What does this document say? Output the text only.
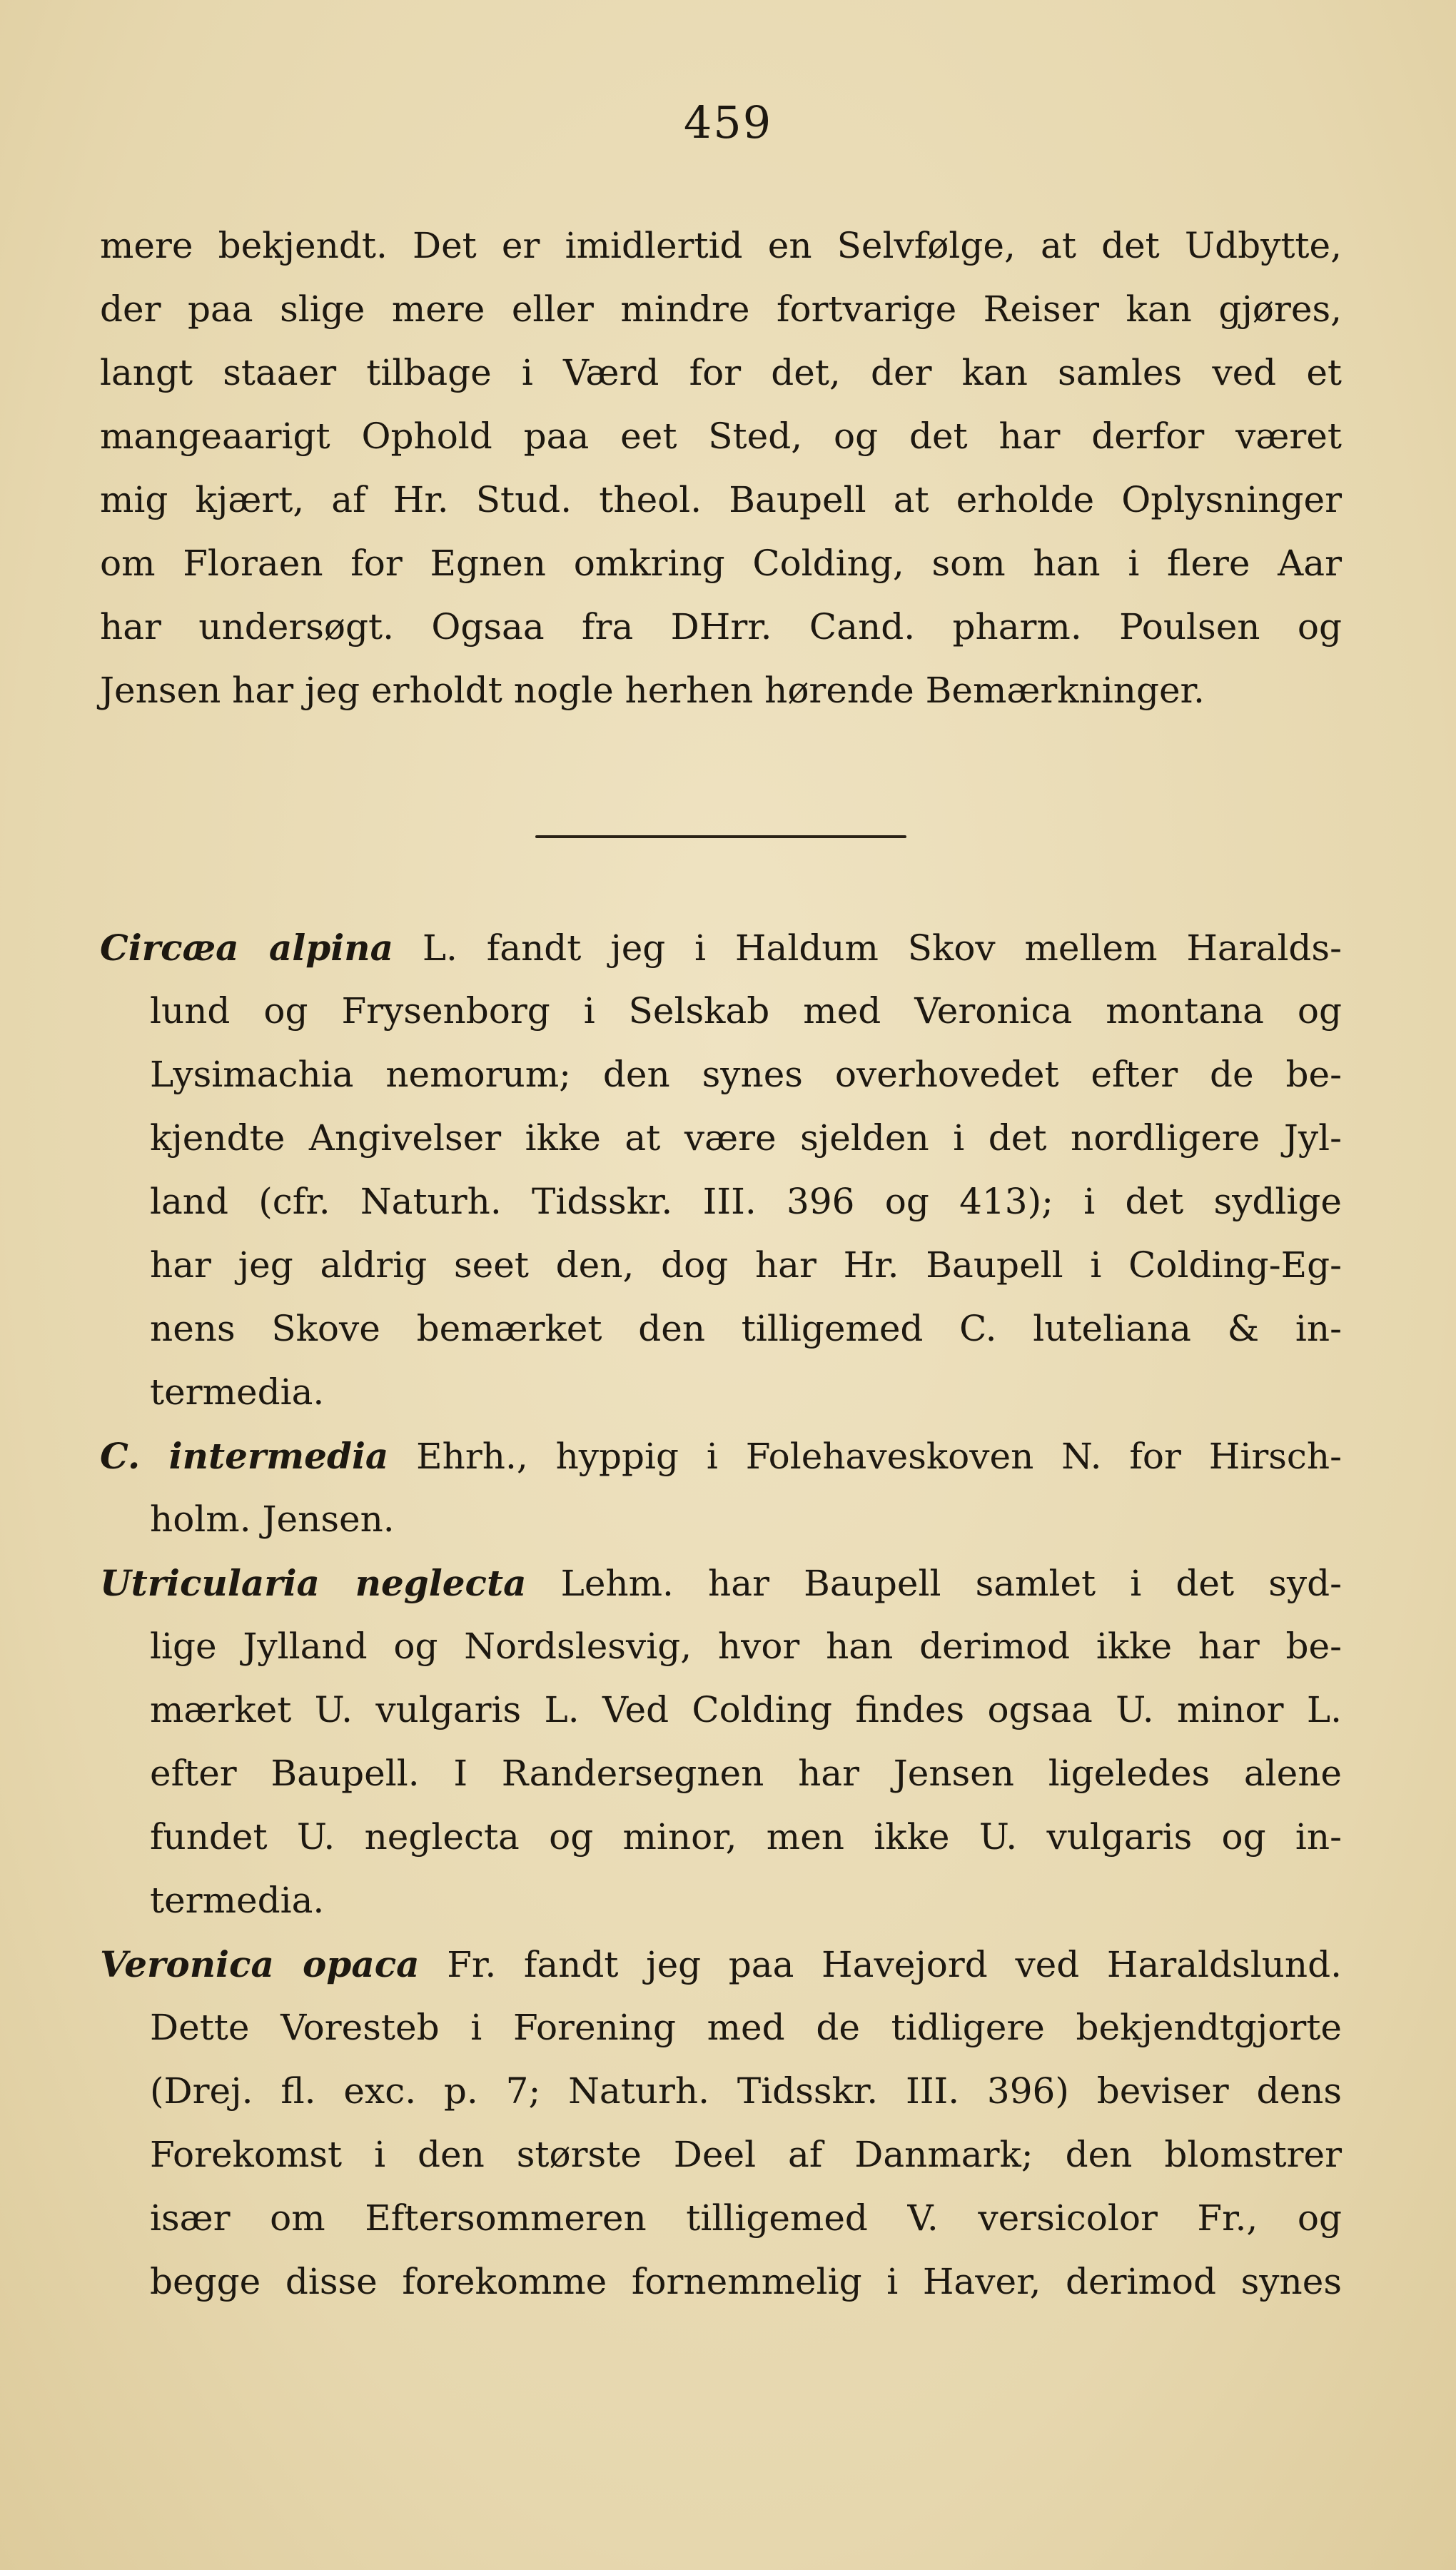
459
mere bekjendt. Det er imidlertid en Selvfølge, at det Udbytte,
der paa slige mere eller mindre fortvarige Reiser kan gjøres,
langt staaer tilbage i Værd for det, der kan samles ved et
mangeaarigt Ophold paa eet Sted, og det har derfor været
mig kjært, af Hr. Stud. theol. Baupell at erholde Oplysninger
om Floraen for Egnen omkring Colding, som han i flere Aar
har undersøgt. Ogsaa fra DHrr. Cand. pharm. Poulsen og
Jensen har jeg erholdt nogle herhen hørende Bemærkninger.
Circæa alpina L. fandt jeg i Haldum Skov mellem Haralds-
lund og Frysenborg i Selskab med Veronica montana og
Lysimachia nemorum; den synes overhovedet efter de be-
kjendte Angivelser ikke at være sjelden i det nordligere Jyl-
land (cfr. Naturh. Tidsskr. III. 396 og 413); i det sydlige
har jeg aldrig seet den, dog har Hr. Baupell i Colding-Eg-
nens Skove bemærket den tilligemed C. luteliana & in-
termedia.
C. intermedia Ehrh., hyppig i Folehaveskoven N. for Hirsch-
holm. Jensen.
Utricularia neglecta Lehm. har Baupell samlet i det syd-
lige Jylland og Nordslesvig, hvor han derimod ikke har be-
mærket U. vulgaris L. Ved Colding findes ogsaa U. minor L.
efter Baupell. I Randersegnen har Jensen ligeledes alene
fundet U. neglecta og minor, men ikke U. vulgaris og in-
termedia.
Veronica opaca Fr. fandt jeg paa Havejord ved Haraldslund.
Dette Voresteb i Forening med de tidligere bekjendtgjorte
(Drej. fl. exc. p. 7; Naturh. Tidsskr. III. 396) beviser dens
Forekomst i den største Deel af Danmark; den blomstrer
især om Eftersommeren tilligemed V. versicolor Fr., og
begge disse forekomme fornemmelig i Haver, derimod synes
